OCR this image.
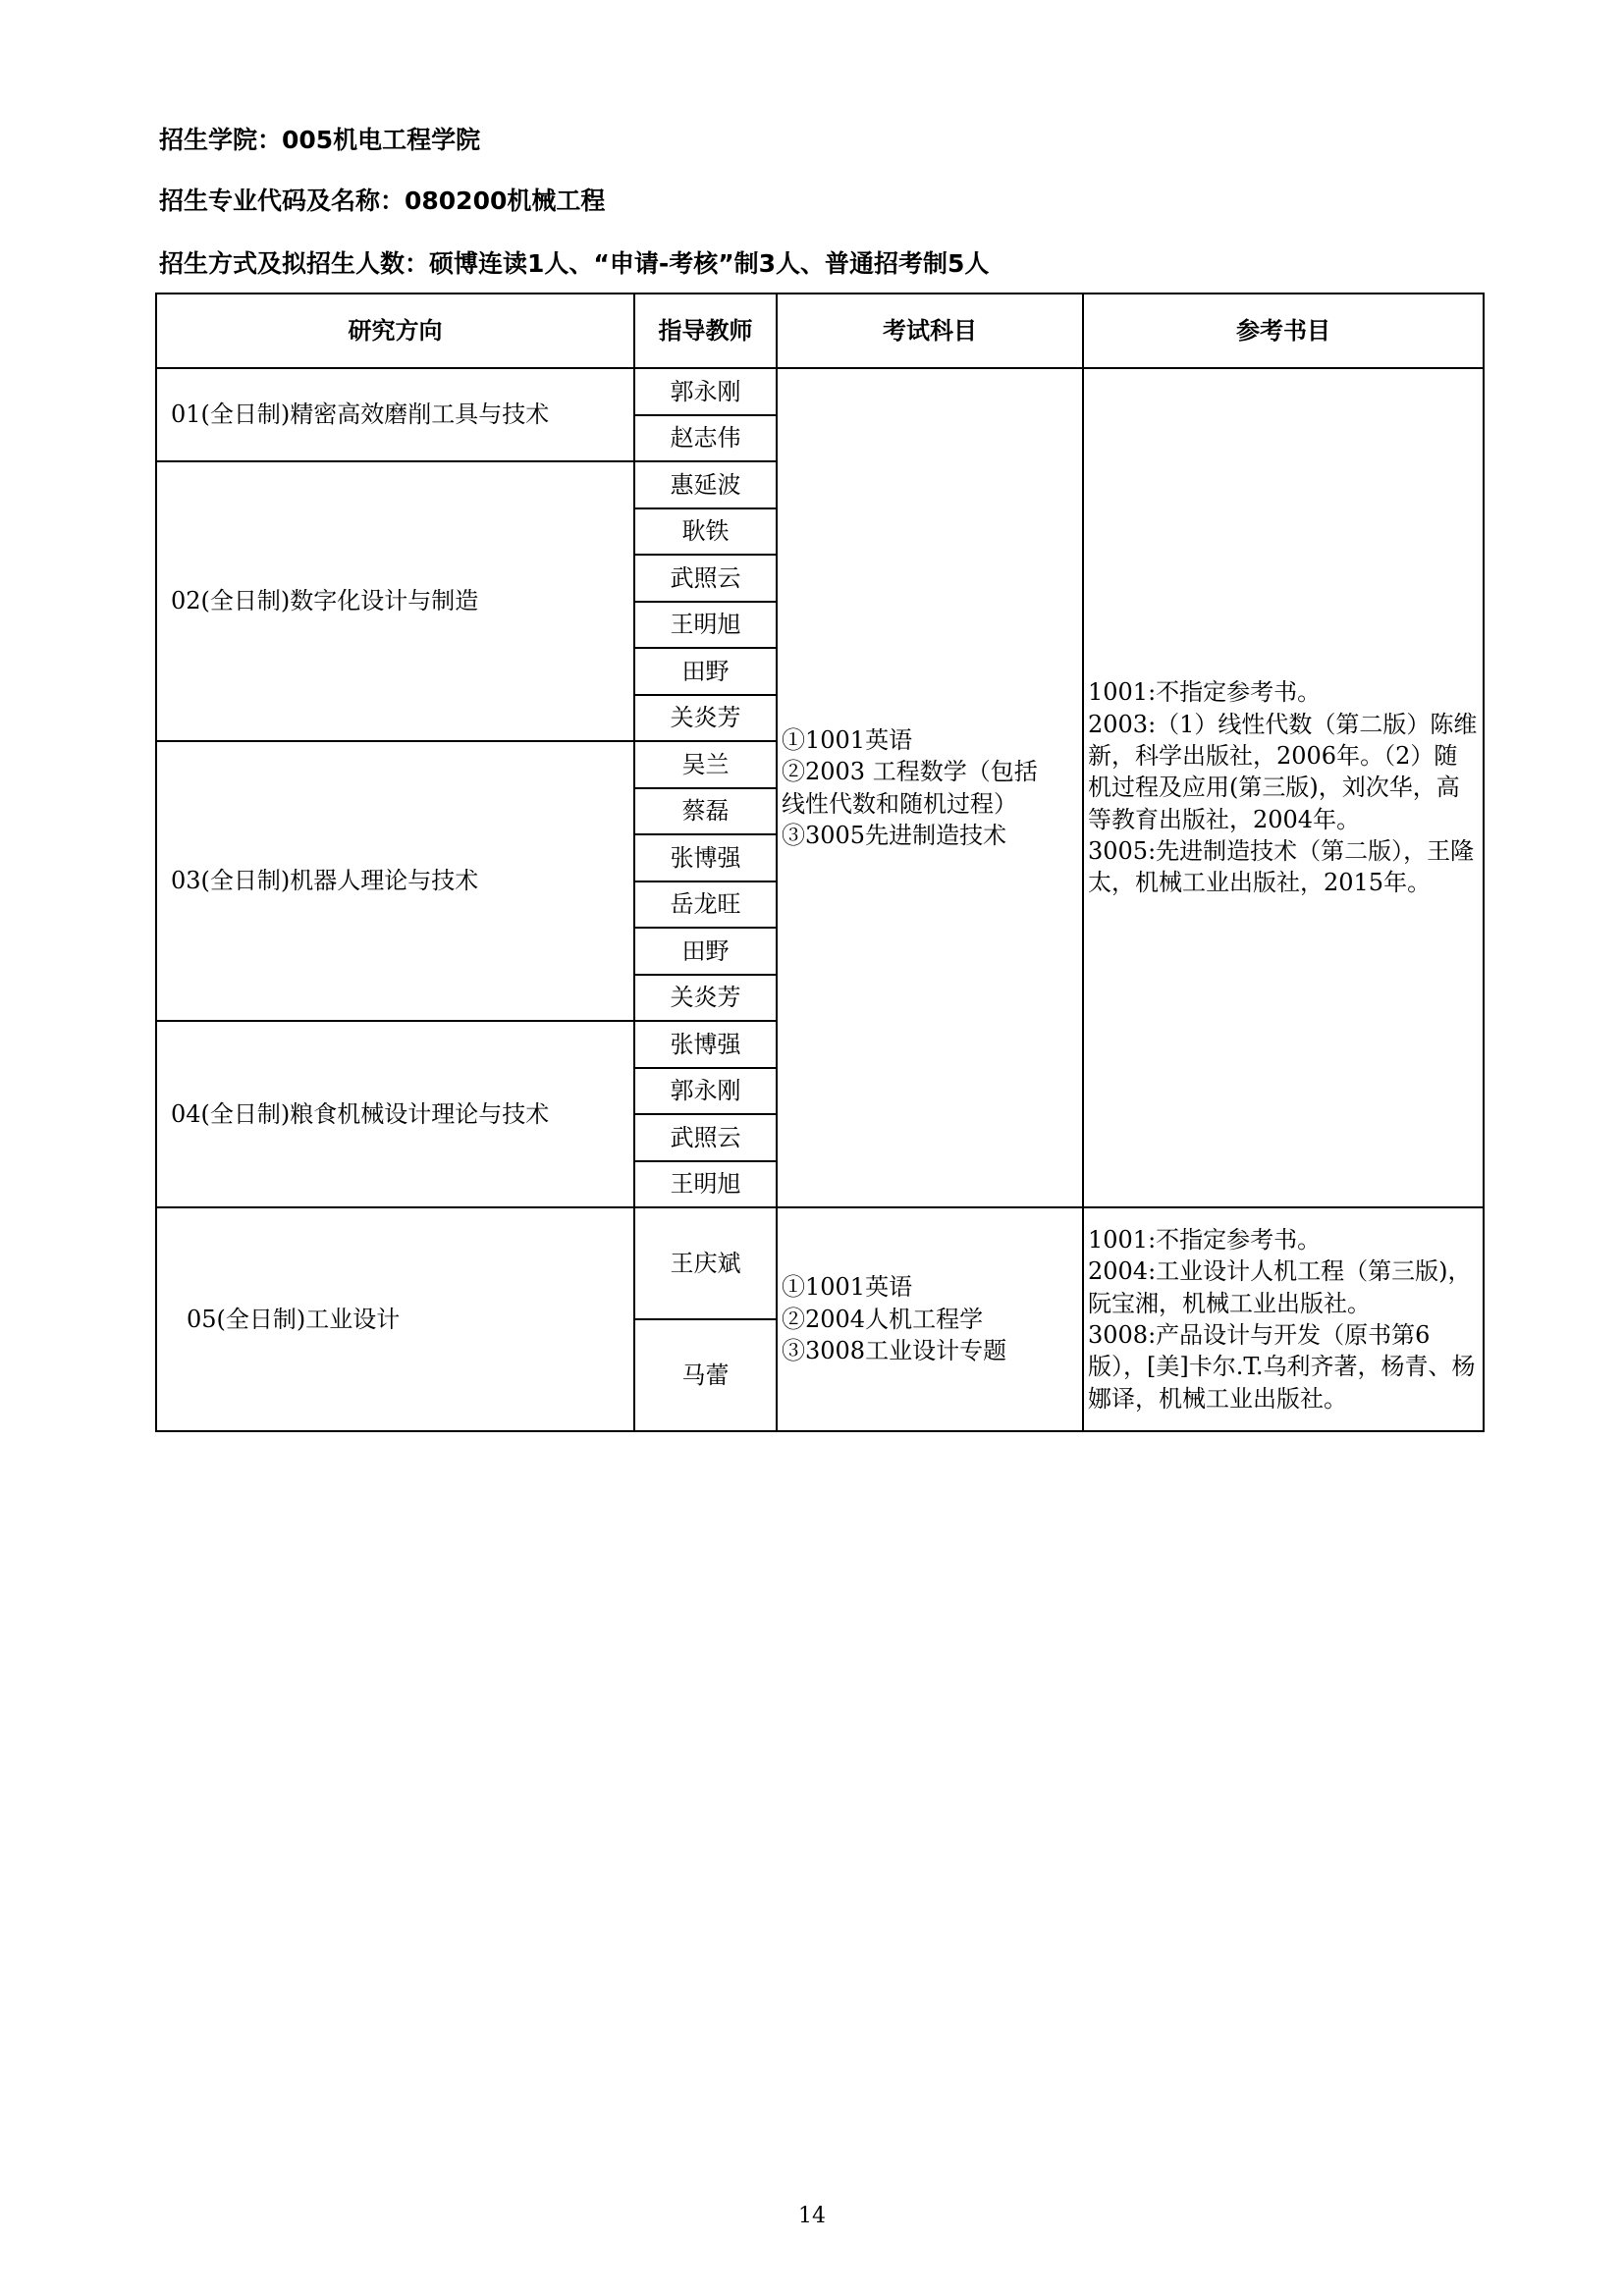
招生学院：005机电工程学院
招生专业代码及名称：080200机械工程
招生方式及拟招生人数：硕博连读1人、“申请-考核”制3人、普通招考制5人
研究方向	指导教师	考试科目	参考书目
01(全日制)精密高效磨削工具与技术	郭永刚	①1001英语
②2003 工程数学（包括
线性代数和随机过程）
③3005先进制造技术	1001:不指定参考书。
2003:（1）线性代数（第二版）陈维新，科学出版社，2006年。（2）随机过程及应用(第三版)，刘次华，高等教育出版社，2004年。
3005:先进制造技术（第二版），王隆太，机械工业出版社，2015年。

	赵志伟		
02(全日制)数字化设计与制造	惠延波		
	耿铁		
	武照云		
	王明旭		
	田野		
	关炎芳		
03(全日制)机器人理论与技术	吴兰		
	蔡磊		
	张博强		
	岳龙旺		
	田野		
	关炎芳		
04(全日制)粮食机械设计理论与技术	张博强		
	郭永刚		
	武照云		
	王明旭		
05(全日制)工业设计	王庆斌	①1001英语
②2004人机工程学
③3008工业设计专题	1001:不指定参考书。
2004:工业设计人机工程（第三版)，阮宝湘，机械工业出版社。
3008:产品设计与开发（原书第6版），[美]卡尔.T.乌利齐著，杨青、杨娜译，机械工业出版社。

	马蕾		
14
